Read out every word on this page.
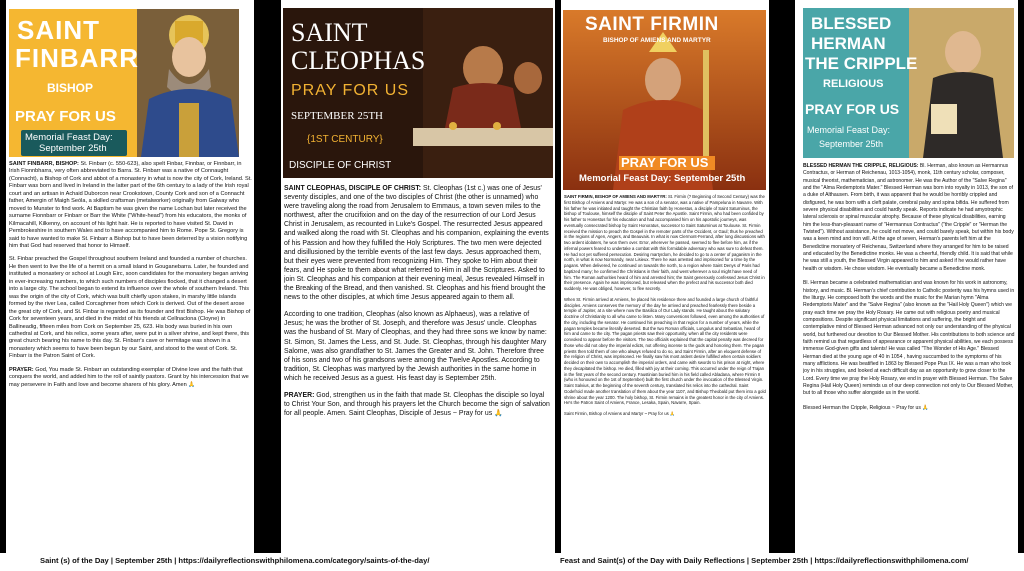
SAINT
FINBARR
BISHOP
PRAY FOR US
Memorial Feast Day:
September 25th

SAINT FINBARR, BISHOP: St. Finbarr (c. 550-623), also spelt Finbar, Finnbar, or Finnbarr, in Irish Fionnbharra, very often abbreviated to Barra. St. Finbarr was a native of Connaught (Connacht), a Bishop of Cork and abbot of a monastery in what is now the city of Cork, Ireland. St. Finbarr was born and lived in Ireland in the latter part of the 6th century to a lady of the Irish royal court and an artisan in Achaid Duborcon near Crookstown, County Cork and son of a Connacht father, Amergin of Maigh Seóla, a skilled craftsman (metalworker) originally from Galway who moved to Munster to find work. At Baptism he was given the name Lochan but later received the surname Fionnbarr or Finbarr or Barr the White ("White-head") from his educators, the monks of Kilmacahill, Kilkenny, on account of his light hair. He is reported to have visited St. David in Pembrokeshire in southern Wales and to have accompanied him to Rome. Pope St. Gregory is said to have wanted to make St. Finbarr a Bishop but to have been deterred by a vision notifying him that God had reserved that honor to Himself.

St. Finbar preached the Gospel throughout southern Ireland and founded a number of churches. He then went to live the life of a hermit on a small island in Gouganebarra. Later, he founded and instituted a monastery or school at Lough Eirc, soon candidates for the monastery began arriving in ever-increasing numbers, to which such numbers of disciples flocked, that it changed a desert into a large city. The school began to extend its influence over the whole of southern Ireland. This was the origin of the city of Cork, which was built chiefly upon stakes, in marshy little islands formed by the river Lea, called Corcaghmer from which Cork is derived. Out of the desert arose the great city of Cork, and St. Finbar is regarded as its founder and first Bishop. He was Bishop of Cork for seventeen years, and died in the midst of his friends at Cellnaclona (Cloyne) in Ballineadig, fifteen miles from Cork on September 25, 623. His body was buried in his own cathedral at Cork, and his relics, some years after, were put in a silver shrine, and kept there, this great church bearing his name to this day. St. Finbarr's cave or hermitage was shown in a monastery which seems to have been begun by our Saint, and stood to the west of Cork. St. Finbarr is the Patron Saint of Cork.

PRAYER: God, You made St. Finbarr an outstanding exemplar of Divine love and the faith that conquers the world, and added him to the roll of saintly pastors. Grant by his intercession that we may persevere in Faith and love and become sharers of his glory. Amen 🙏

SAINT
CLEOPHAS
PRAY FOR US
SEPTEMBER 25TH
{1ST CENTURY}
DISCIPLE OF CHRIST

SAINT CLEOPHAS, DISCIPLE OF CHRIST: St. Cleophas (1st c.) was one of Jesus' seventy disciples, and one of the two disciples of Christ (the other is unnamed) who were traveling along the road from Jerusalem to Emmaus, a town seven miles to the northwest, after the crucifixion and on the day of the resurrection of our Lord Jesus Christ in Jerusalem, as recounted in Luke's Gospel. The resurrected Jesus appeared and walked along the road with St. Cleophas and his companion, explaining the events of his Passion and how they fulfilled the Holy Scriptures. The two men were dejected and disillusioned by the terrible events of the last few days. Jesus approached them, but their eyes were prevented from recognizing Him. They spoke to Him about their fears, and He spoke to them about what referred to Him in all the Scriptures. Asked to join St. Cleophas and his companion at their evening meal, Jesus revealed Himself in the Breaking of the Bread, and then vanished. St. Cleophas and his friend brought the news to the other disciples, at which time Jesus appeared again to them all.

According to one tradition, Cleophas (also known as Alphaeus), was a relative of Jesus; he was the brother of St. Joseph, and therefore was Jesus' uncle. Cleophas was the husband of St. Mary of Cleophas, and they had three sons we know by name: St. Simon, St. James the Less, and St. Jude. St. Cleophas, through his daughter Mary Salome, was also grandfather to St. James the Greater and St. John. Therefore three of his sons and two of his grandsons were among the Twelve Apostles. According to tradition, St. Cleophas was martyred by the Jewish authorities in the same home in which he received Jesus as a guest. His feast day is September 25th.

PRAYER: God, strengthen us in the faith that made St. Cleophas the disciple so loyal to Christ Your Son, and through his prayers let the Church become the sign of salvation for all people. Amen. Saint Cleophas, Disciple of Jesus ~ Pray for us 🙏

SAINT FIRMIN
BISHOP OF AMIENS AND MARTYR
PRAY FOR US
Memorial Feast Day: September 25th

SAINT FIRMIN, BISHOP OF AMIENS AND MARTYR: St. Firmin (? Beginning of Second Century) was the first Bishop of Amiens and Martyr. He was a son of a senator, was a native of Pampeluna in Navarre. With his father he was initiated and taught the Christian faith by Honestus, a disciple of Saint Saturninus, the bishop of Toulouse, himself the disciple of Saint Peter the Apostle. Saint Firmin, who had been confided by his father to Honestus for his education and had accompanied him on his apostolic journeys, was eventually consecrated bishop by Saint Honoratus, successor to Saint Saturninus at Toulouse. St. Firmin received the mission to preach the Gospel in the remoter parts of the Occident, or Gaul; thus he preached in the regions of Agen, Angers, and Beauvais. In what is now Clermont-Ferrand, after long discussions with two ardent idolaters, he won them over. Error, wherever he passed, seemed to flee before him, as if the infernal powers feared to undertake a combat with this formidable adversary who was sure to defeat them. He had not yet suffered persecution. Desiring martyrdom, he decided to go to a center of paganism in the north, in what is now Normandy, near Lisieux. There he was arrested and imprisoned for a time by the pagans. When delivered, he continued on towards the north, to a region where Saint Denys of Paris had baptized many; he confirmed the Christians in their faith, and went wherever a soul might have need of him. The Roman authorities heard of him and arrested him; the Saint generously confessed Jesus Christ in their presence. Again he was imprisoned, but released when the prefect and his successor both died suddenly. He was obliged, however, to flee secretly.

When St. Firmin arrived at Amiens, he placed his residence there and founded a large church of faithful disciples. Amiens conserves the memory of the day he arrived and preached fearlessly there beside a temple of Jupiter, at a site where now the Basilica of Our Lady stands. He taught about the salutary doctrine of Christianity to all who came to listen. Many conversions followed, even among the authorities of the city, including the senator. He continued his preaching in that region for a number of years, while the pagan temples became literally deserted. But the two Roman officials, Longulus and Sebastian, heard of him and came to the city. The pagan priests saw their opportunity, when all the city residents were convoked to appear before the visitors. The two officials explained that the capital penalty was decreed for those who did not obey the imperial edicts, not offering incense to the gods and honoring them. The pagan priests then told them of one who always refused to do so, and Saint Firmin, after an eloquent defense of the religion of Christ, was imprisoned. He finally saw his most ardent desire fulfilled when certain soldiers decided on their own to accomplish the imperial orders, and came with swords to his prison at night, where they decapitated the bishop. He died, filled with joy at their coming. This occurred under the reign of Trajan in the first years of the second century. Faustinian buried him in his field called Abladana, where Firmin II (who is honoured on the 1st of September) built the first church under the invocation of the Blessed Virgin. Saint Salvius, at the beginning of the seventh century, translated his relics into the cathedral. Saint Godefroid made another translation of them about the year 1107, and Bishop Theobald put them into a gold shrine about the year 1200. The holy bishop, St. Firmin remains in the greatest honor in the city of Amiens. He's the Patron Saint of Amiens, France, Lesaka, Spain, Navarre, Spain.

Saint Firmin, Bishop of Amiens and Martyr ~ Pray for us 🙏

BLESSED
HERMAN
THE CRIPPLE
RELIGIOUS
PRAY FOR US
Memorial Feast Day:
September 25th

BLESSED HERMAN THE CRIPPLE, RELIGIOUS: Bl. Herman, also known as Hermannus Contractus, or Herman of Reichenau, 1013-1054), monk, 11th century scholar, composer, musical theorist, mathematician, and astronomer. He was the Author of the "Salve Regina" and the "Alma Redemptoris Mater." Blessed Herman was born into royalty in 1013, the son of a duke of Althausen. From birth, it was apparent that he would be horribly crippled and disfigured, he was born with a cleft palate, cerebral palsy and spina bifida. He suffered from severe physical disabilities and could hardly speak. Reports indicate he had amyotrophic lateral sclerosis or spinal muscular atrophy. Because of these physical disabilities, earning him the less-than-pleasant name of "Hermannus Contractus" ("the Cripple" or "Herman the Twisted"). Without assistance, he could not move, and could barely speak, but within his body was a keen mind and iron will. At the age of seven, Herman's parents left him at the Benedictine monastery of Reichenau, Switzerland where they arranged for him to be raised and educated by the Benedictine monks. He was a cheerful, friendly child. It is said that while he was still a youth, the Blessed Virgin appeared to him and asked if he would rather have health or wisdom. He chose wisdom. He eventually became a Benedictine monk.

Bl. Herman became a celebrated mathematician and was known for his work in astronomy, history, and music. Bl. Herman's chief contribution to Catholic posterity was his hymns used in the liturgy. He composed both the words and the music for the Marian hymn "Alma Redemptoris Mater" and the "Salve Regina" (also known as the "Hail Holy Queen") which we pray each time we pray the Holy Rosary. He came out with religious poetry and musical compositions. Despite significant physical limitations and suffering, the bright and contemplative mind of Blessed Herman advanced not only our understanding of the physical world, but furthered our devotion to Our Blessed Mother. His contributions to both science and faith remind us that regardless of appearance or apparent physical abilities, we each possess immense God-given gifts and talents! He was called "The Wonder of His Age." Blessed Herman died at the young age of 40 in 1054 , having succumbed to the symptoms of his many afflictions. He was beatified in 1863 by Blessed Pope Pius IX. He was a man who took joy in his struggles, and looked at each difficult day as an opportunity to grow closer to the Lord. Every time we pray the Holy Rosary, we end in prayer with Blessed Herman. The Salve Regina (Hail Holy Queen) reminds us of our deep connection not only to Our Blessed Mother, but to all those who suffer alongside us in the world.

Blessed Herman the Cripple, Religious ~ Pray for us 🙏

Saint (s) of the Day | September 25th | https://dailyreflectionswithphilomena.com/category/saints-of-the-day/	Feast and Saint(s) of the Day with Daily Reflections | September 25th | https://dailyreflectionswithphilomena.com/
